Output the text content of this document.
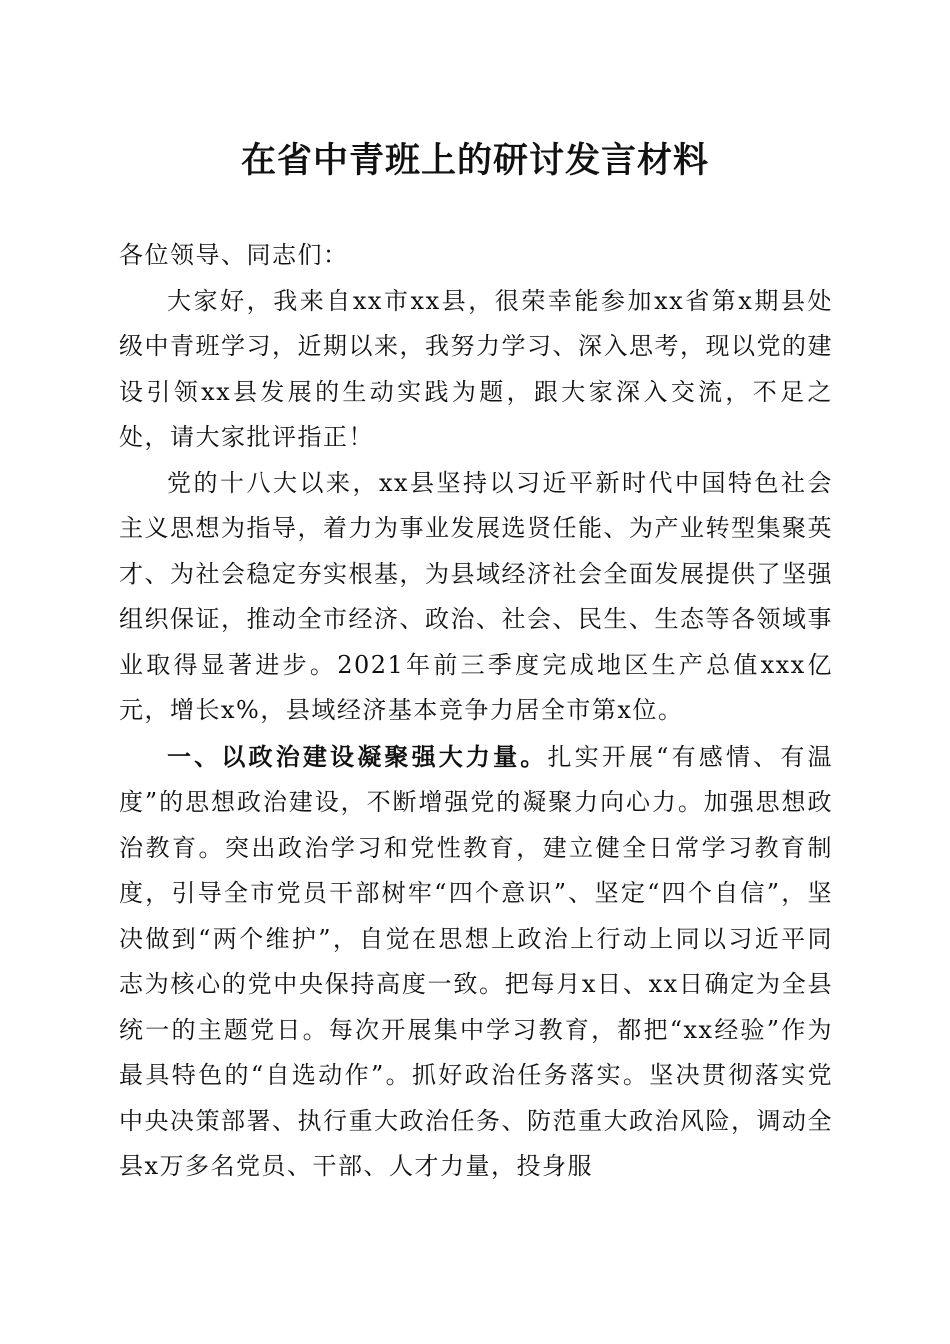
在省中青班上的研讨发言材料

各位领导、同志们：

大家好，我来自xx市xx县，很荣幸能参加xx省第x期县处级中青班学习，近期以来，我努力学习、深入思考，现以党的建设引领xx县发展的生动实践为题，跟大家深入交流，不足之处，请大家批评指正！

党的十八大以来，xx县坚持以习近平新时代中国特色社会主义思想为指导，着力为事业发展选贤任能、为产业转型集聚英才、为社会稳定夯实根基，为县域经济社会全面发展提供了坚强组织保证，推动全市经济、政治、社会、民生、生态等各领域事业取得显著进步。2021年前三季度完成地区生产总值xxx亿元，增长x%，县域经济基本竞争力居全市第x位。

一、以政治建设凝聚强大力量。扎实开展“有感情、有温度”的思想政治建设，不断增强党的凝聚力向心力。加强思想政治教育。突出政治学习和党性教育，建立健全日常学习教育制度，引导全市党员干部树牢“四个意识”、坚定“四个自信”，坚决做到“两个维护”，自觉在思想上政治上行动上同以习近平同志为核心的党中央保持高度一致。把每月x日、xx日确定为全县统一的主题党日。每次开展集中学习教育，都把“xx经验”作为最具特色的“自选动作”。抓好政治任务落实。坚决贯彻落实党中央决策部署、执行重大政治任务、防范重大政治风险，调动全县x万多名党员、干部、人才力量，投身服
